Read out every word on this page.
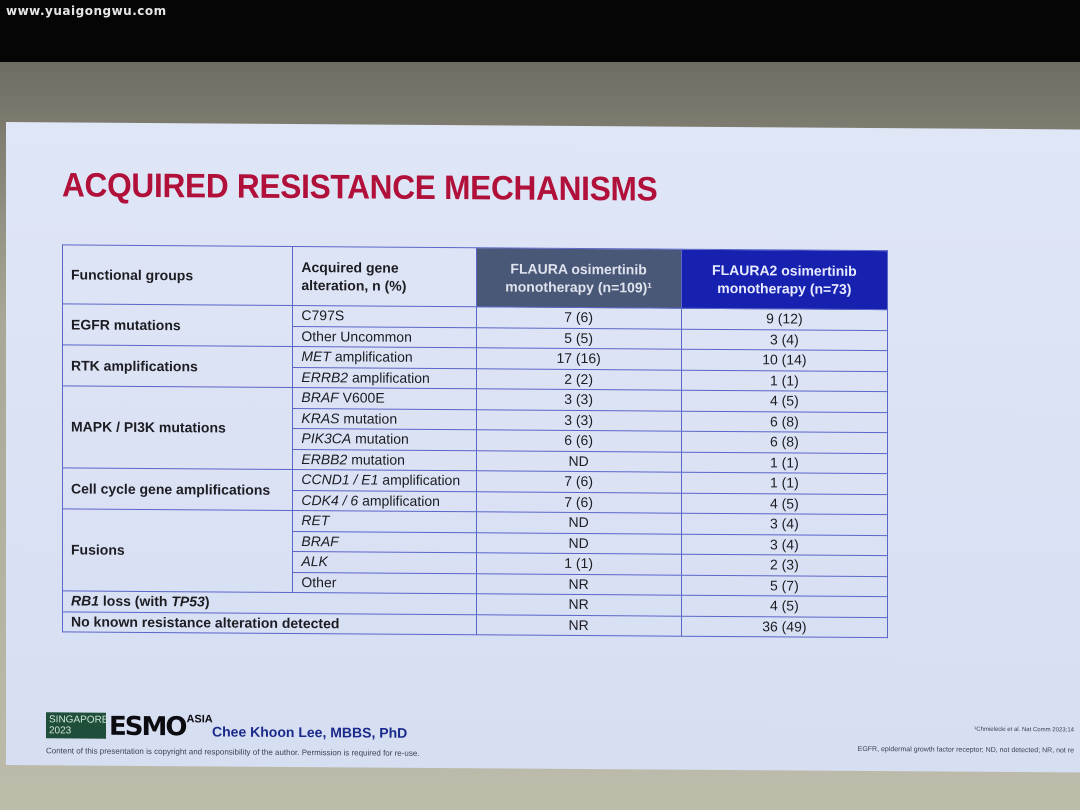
www.yuaigongwu.com
ACQUIRED RESISTANCE MECHANISMS
Functional groups	Acquired gene alteration, n (%)	FLAURA osimertinib monotherapy (n=109)¹	FLAURA2 osimertinib monotherapy (n=73)
EGFR mutations	C797S	7 (6)	9 (12)
	Other Uncommon	5 (5)	3 (4)
RTK amplifications	MET amplification	17 (16)	10 (14)
	ERRB2 amplification	2 (2)	1 (1)
MAPK / PI3K mutations	BRAF V600E	3 (3)	4 (5)
	KRAS mutation	3 (3)	6 (8)
	PIK3CA mutation	6 (6)	6 (8)
	ERBB2 mutation	ND	1 (1)
Cell cycle gene amplifications	CCND1 / E1 amplification	7 (6)	1 (1)
	CDK4 / 6 amplification	7 (6)	4 (5)
Fusions	RET	ND	3 (4)
	BRAF	ND	3 (4)
	ALK	1 (1)	2 (3)
	Other	NR	5 (7)
RB1 loss (with TP53)		NR	4 (5)
No known resistance alteration detected		NR	36 (49)
SINGAPORE
2023	ESMO ASIA
Chee Khoon Lee, MBBS, PhD
Content of this presentation is copyright and responsibility of the author. Permission is required for re-use.
¹Chmielecki et al. Nat Comm 2023;14
EGFR, epidermal growth factor receptor; ND, not detected; NR, not re
